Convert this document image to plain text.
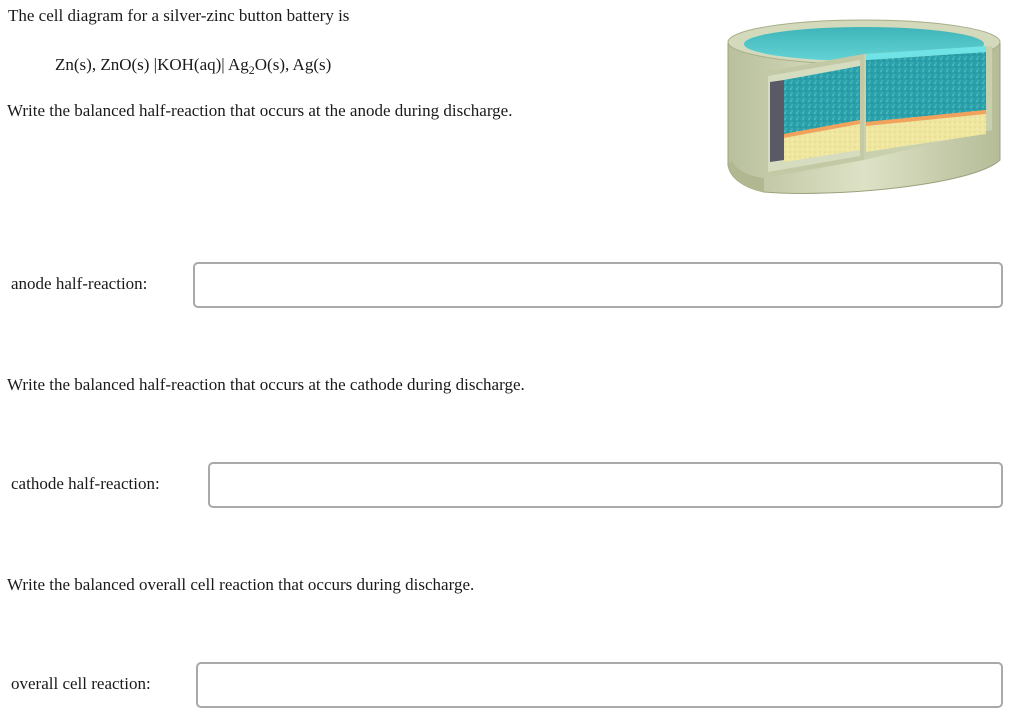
The cell diagram for a silver-zinc button battery is

Zn(s), ZnO(s) |KOH(aq)| $Ag_2O(s)$, Ag(s)

Write the balanced half-reaction that occurs at the anode during discharge.

anode half-reaction:

Write the balanced half-reaction that occurs at the cathode during discharge.

cathode half-reaction:

Write the balanced overall cell reaction that occurs during discharge.

overall cell reaction:
